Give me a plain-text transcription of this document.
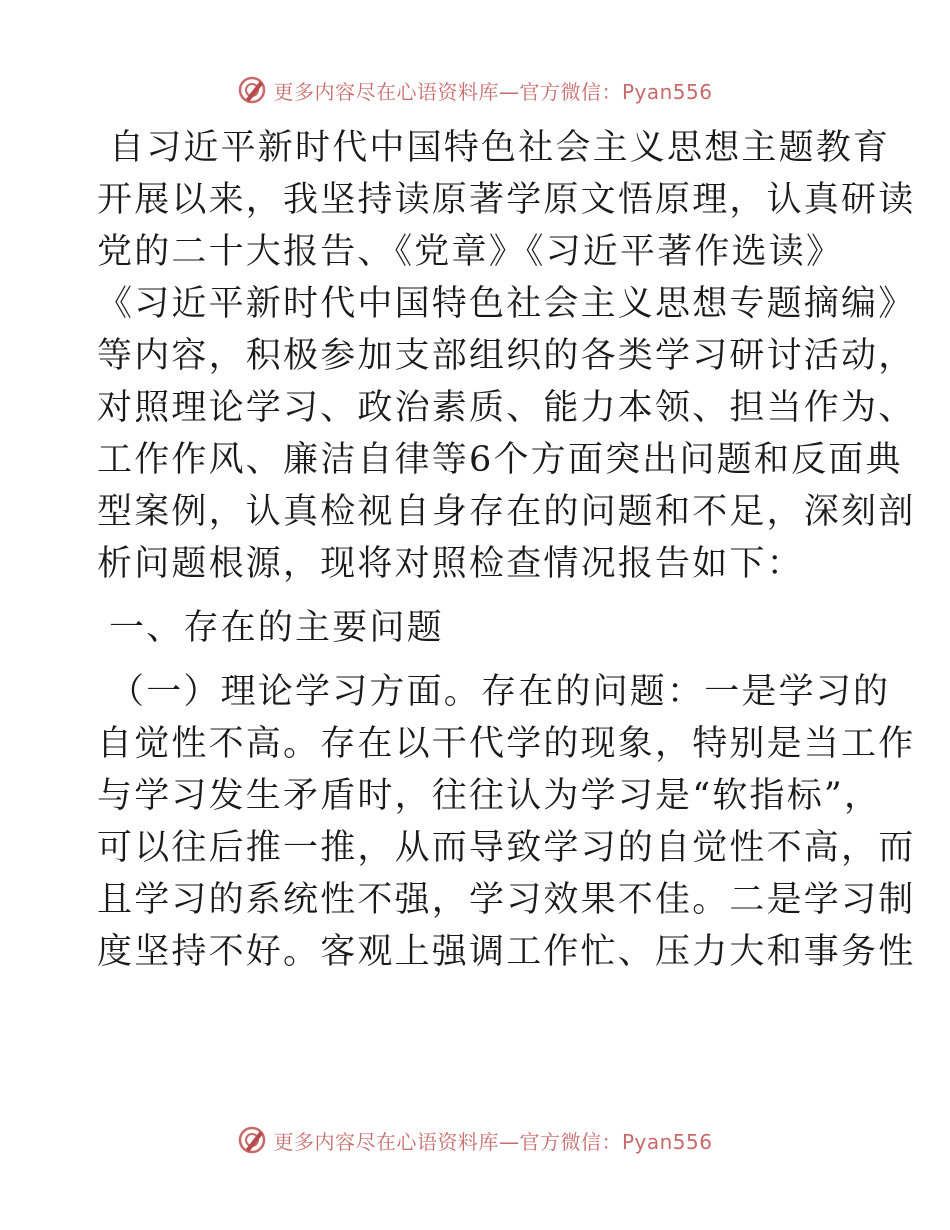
更多内容尽在心语资料库—官方微信：Pyan556
自习近平新时代中国特色社会主义思想主题教育
开展以来，我坚持读原著学原文悟原理，认真研读
党的二十大报告、《党章》《习近平著作选读》
《习近平新时代中国特色社会主义思想专题摘编》
等内容，积极参加支部组织的各类学习研讨活动，
对照理论学习、政治素质、能力本领、担当作为、
工作作风、廉洁自律等6个方面突出问题和反面典
型案例，认真检视自身存在的问题和不足，深刻剖
析问题根源，现将对照检查情况报告如下：
一、存在的主要问题
（一）理论学习方面。存在的问题：一是学习的
自觉性不高。存在以干代学的现象，特别是当工作
与学习发生矛盾时，往往认为学习是“软指标”，
可以往后推一推，从而导致学习的自觉性不高，而
且学习的系统性不强，学习效果不佳。二是学习制
度坚持不好。客观上强调工作忙、压力大和事务性
更多内容尽在心语资料库—官方微信：Pyan556
